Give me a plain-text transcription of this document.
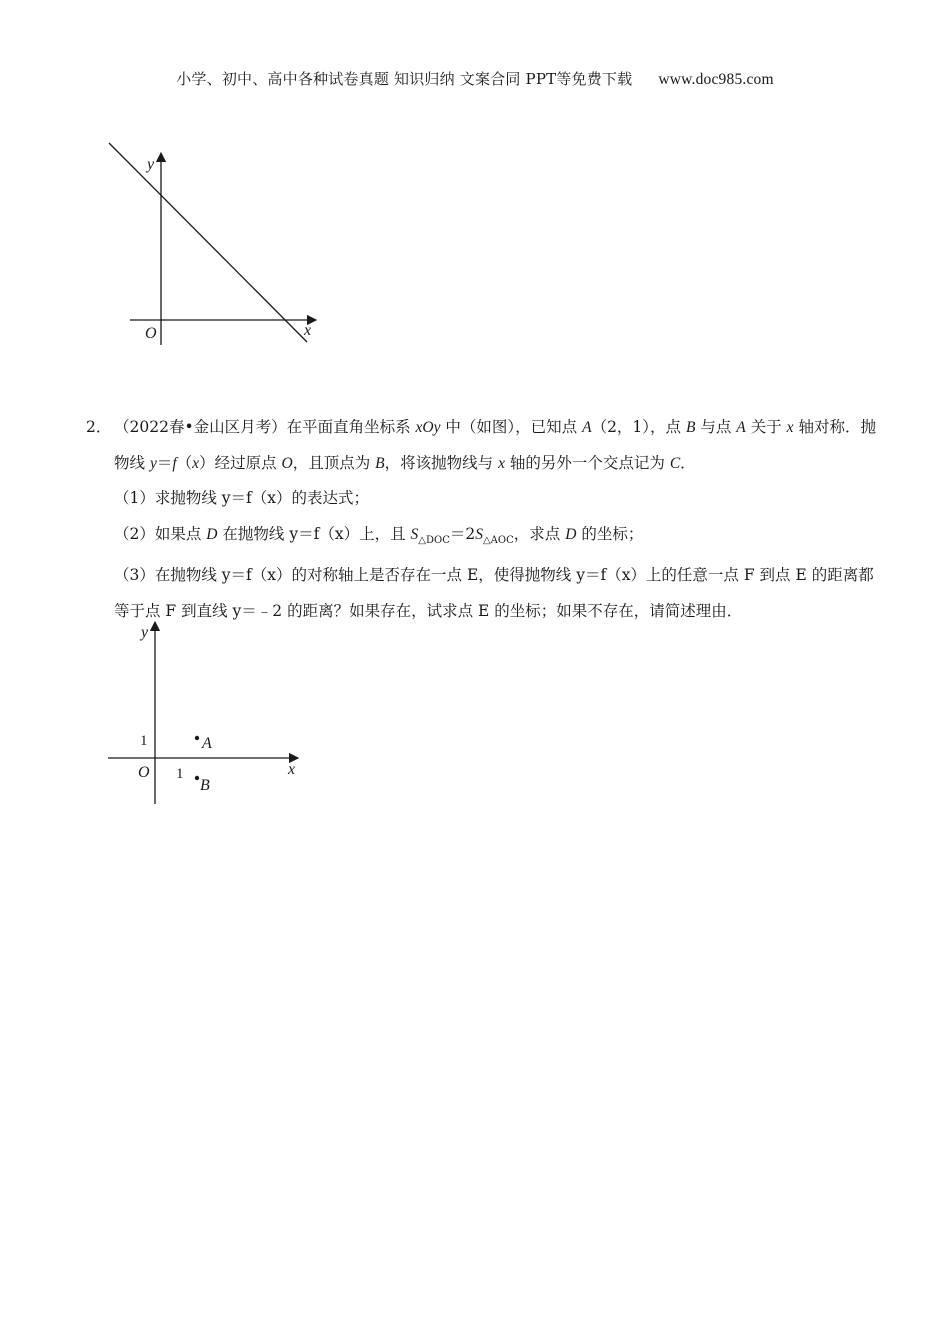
小学、初中、高中各种试卷真题 知识归纳 文案合同 PPT等免费下载 www.doc985.com
y
x
O

2． （2022春•金山区月考）在平面直角坐标系 xOy 中（如图），已知点 A（2，1），点 B 与点 A 关于 x 轴对称．抛物线 y＝f（x）经过原点 O，且顶点为 B，将该抛物线与 x 轴的另外一个交点记为 C．

（1）求抛物线 y＝f（x）的表达式；

（2）如果点 D 在抛物线 y＝f（x）上，且 $S_{\triangle DOC}=2S_{\triangle AOC}$，求点 D 的坐标；

（3）在抛物线 y＝f（x）的对称轴上是否存在一点 E，使得抛物线 y＝f（x）上的任意一点 F 到点 E 的距离都等于点 F 到直线 y＝﹣2 的距离？如果存在，试求点 E 的坐标；如果不存在，请简述理由．

y
x
O
1
1
A
B
